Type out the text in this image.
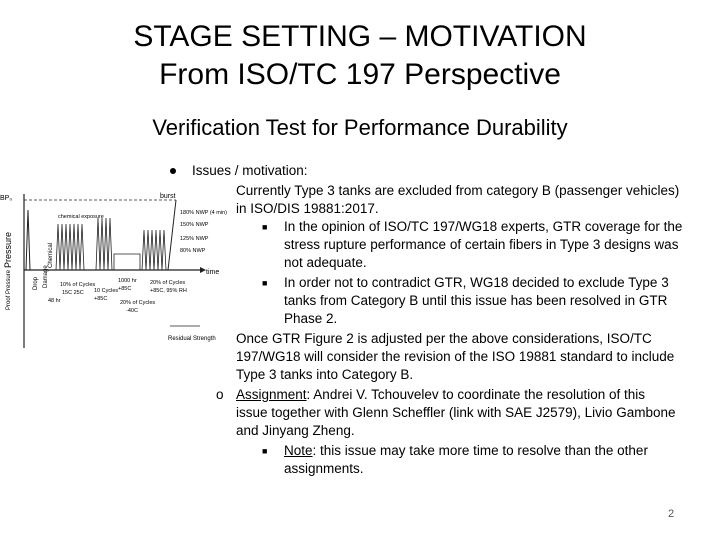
STAGE SETTING – MOTIVATION
From ISO/TC 197 Perspective
Verification Test for Performance Durability
Pressure
Proof Pressure	Drop Damage
Chemical
BP₀	burst
180% NWP (4 min)
150% NWP
125% NWP
80% NWP
chemical exposure
time
10% of Cycles
15C 25C
48 hr
10 Cycles
+85C
1000 hr
+85C
20% of Cycles
+85C, 95% RH
20% of Cycles
-40C
Residual Strength
Issues / motivation:
Currently Type 3 tanks are excluded from category B (passenger vehicles)
in ISO/DIS 19881:2017.
■ In the opinion of ISO/TC 197/WG18 experts, GTR coverage for the
stress rupture performance of certain fibers in Type 3 designs was
not adequate.
■ In order not to contradict GTR, WG18 decided to exclude Type 3
tanks from Category B until this issue has been resolved in GTR
Phase 2.
Once GTR Figure 2 is adjusted per the above considerations, ISO/TC
197/WG18 will consider the revision of the ISO 19881 standard to include
Type 3 tanks into Category B.
o Assignment: Andrei V. Tchouvelev to coordinate the resolution of this
issue together with Glenn Scheffler (link with SAE J2579), Livio Gambone
and Jinyang Zheng.
■ Note: this issue may take more time to resolve than the other
assignments.
2
